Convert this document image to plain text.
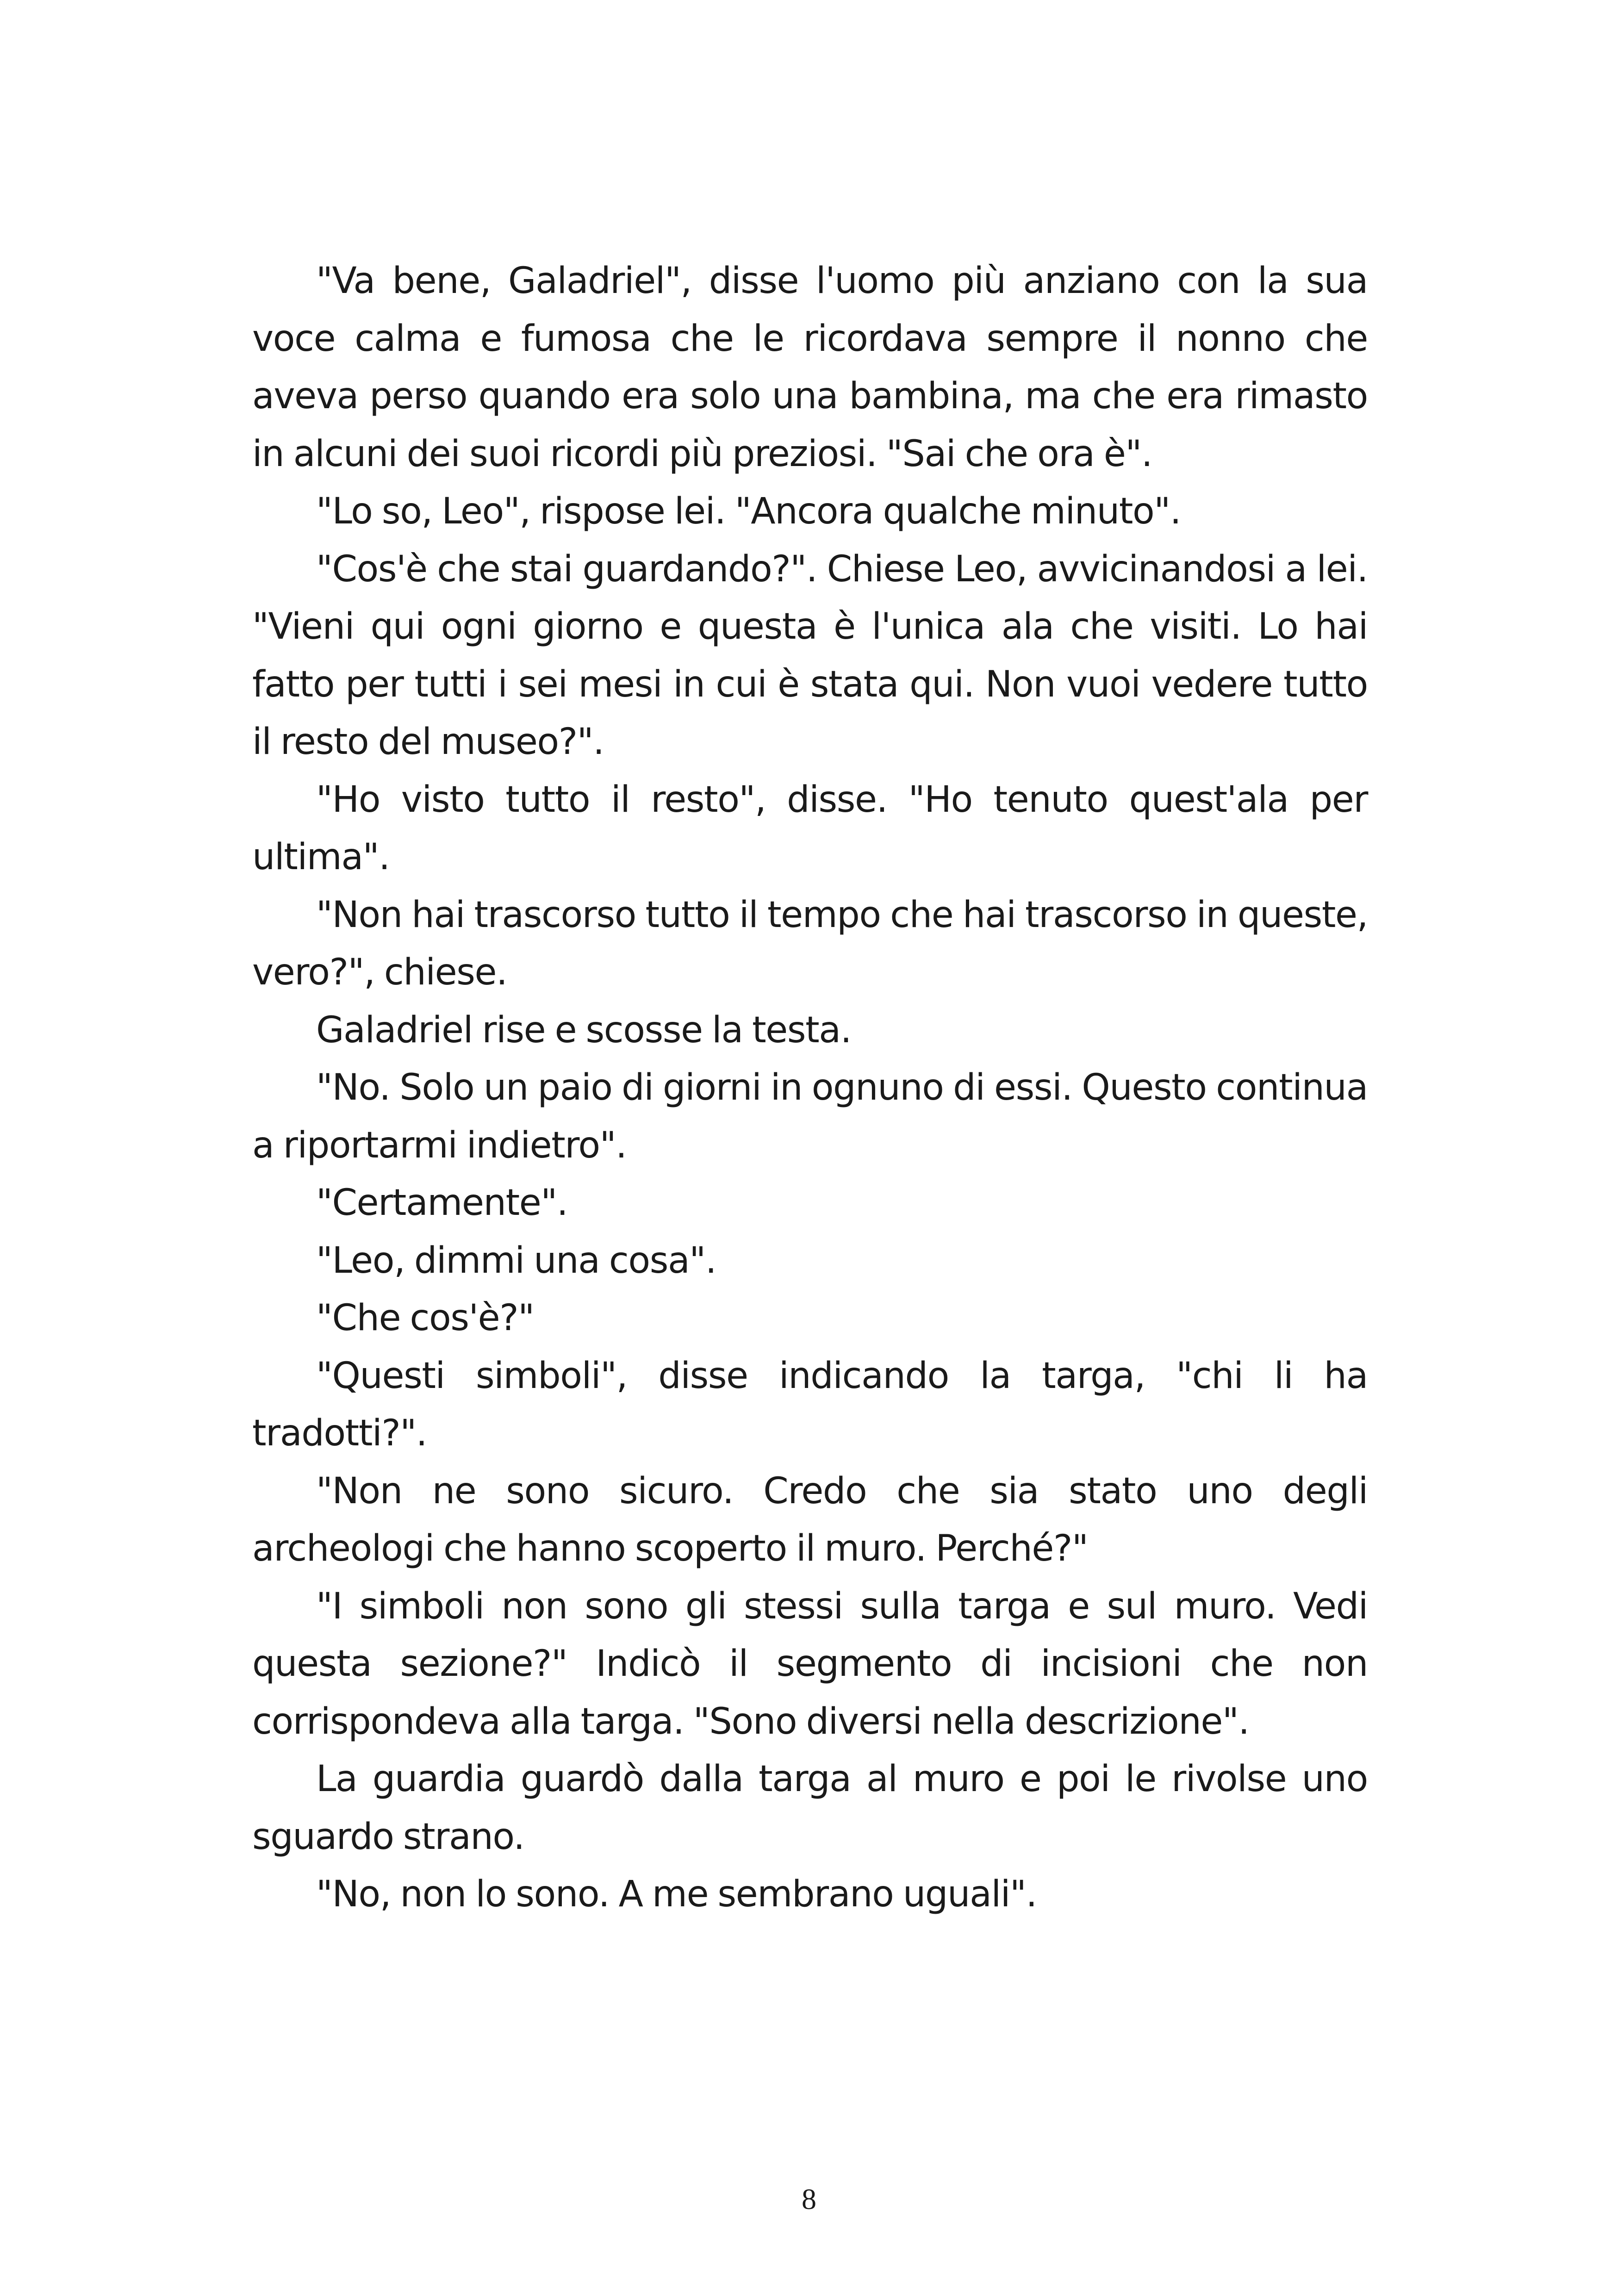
"Va bene, Galadriel", disse l'uomo più anziano con la sua voce calma e fumosa che le ricordava sempre il nonno che aveva perso quando era solo una bambina, ma che era rimasto in alcuni dei suoi ricordi più preziosi. "Sai che ora è".

"Lo so, Leo", rispose lei. "Ancora qualche minuto".

"Cos'è che stai guardando?". Chiese Leo, avvicinandosi a lei. "Vieni qui ogni giorno e questa è l'unica ala che visiti. Lo hai fatto per tutti i sei mesi in cui è stata qui. Non vuoi vedere tutto il resto del museo?".

"Ho visto tutto il resto", disse. "Ho tenuto quest'ala per ultima".

"Non hai trascorso tutto il tempo che hai trascorso in queste, vero?", chiese.

Galadriel rise e scosse la testa.

"No. Solo un paio di giorni in ognuno di essi. Questo continua a riportarmi indietro".

"Certamente".

"Leo, dimmi una cosa".

"Che cos'è?"

"Questi simboli", disse indicando la targa, "chi li ha tradotti?".

"Non ne sono sicuro. Credo che sia stato uno degli archeologi che hanno scoperto il muro. Perché?"

"I simboli non sono gli stessi sulla targa e sul muro. Vedi questa sezione?" Indicò il segmento di incisioni che non corrispondeva alla targa. "Sono diversi nella descrizione".

La guardia guardò dalla targa al muro e poi le rivolse uno sguardo strano.

"No, non lo sono. A me sembrano uguali".

8
